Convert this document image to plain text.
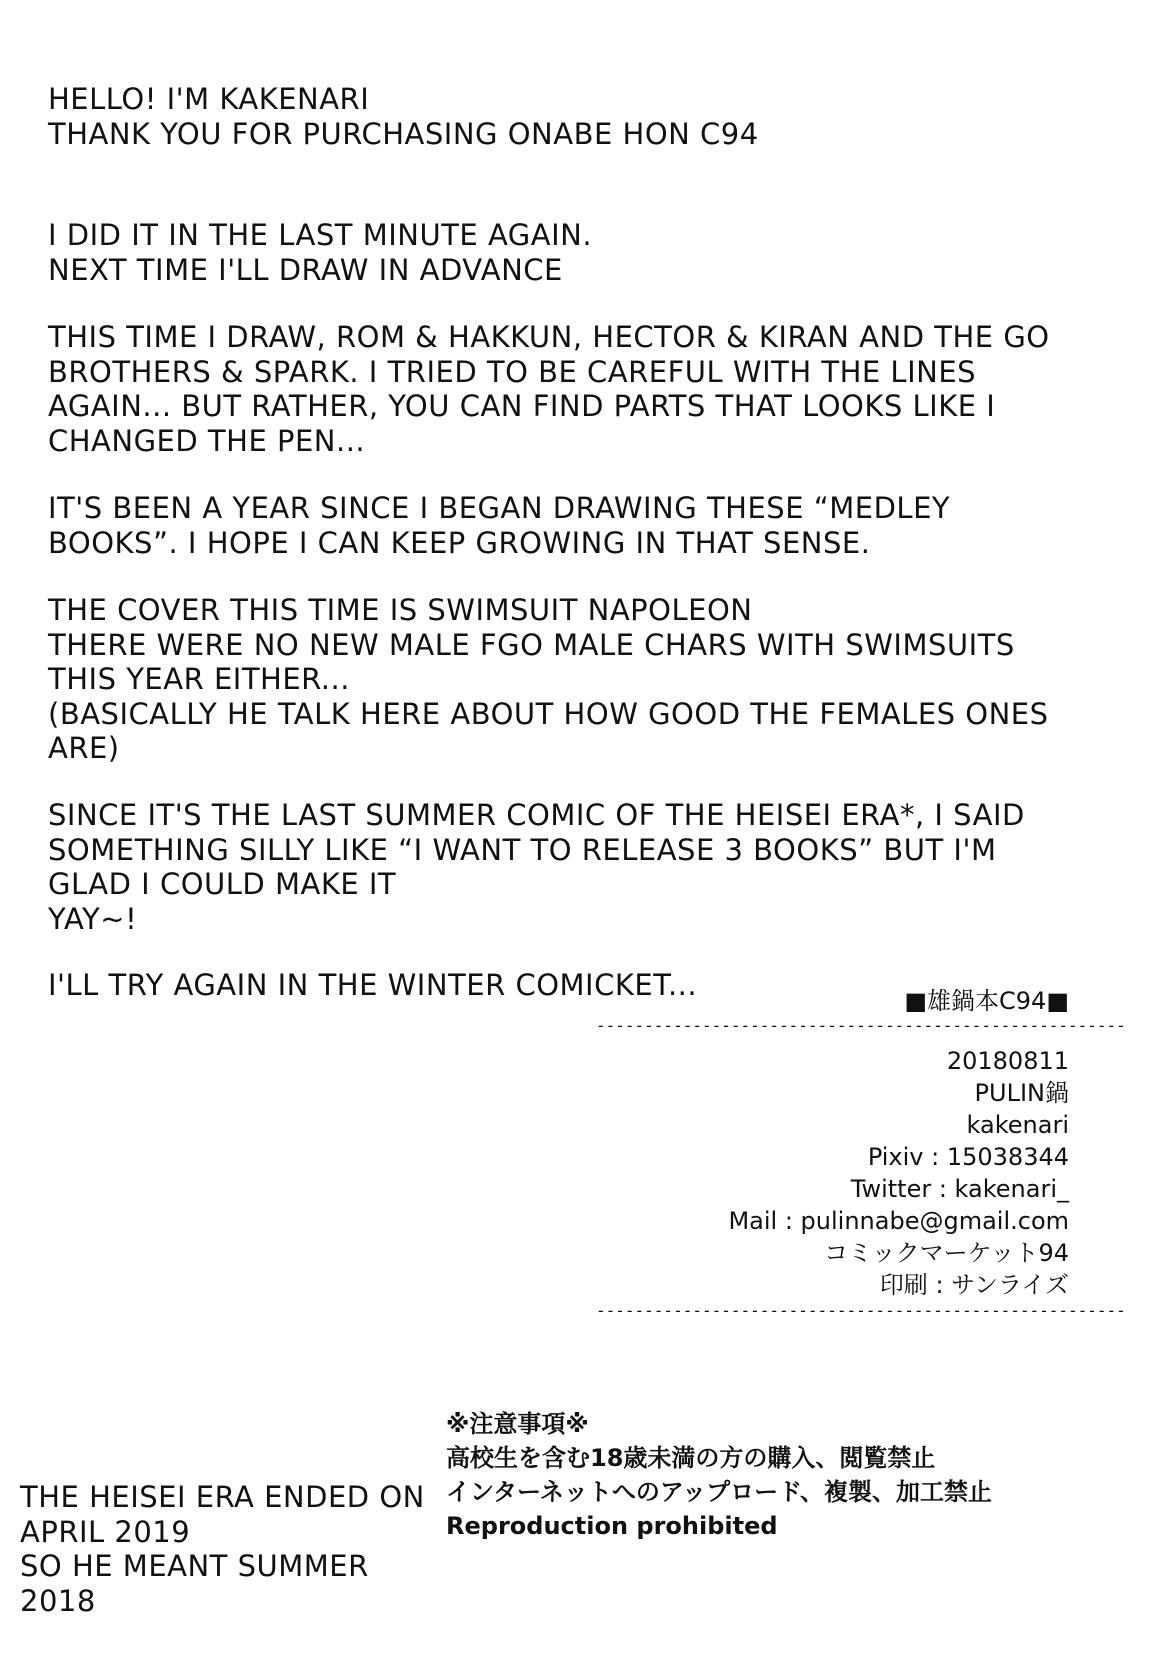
HELLO! I'M KAKENARI
THANK YOU FOR PURCHASING ONABE HON C94
I DID IT IN THE LAST MINUTE AGAIN.
NEXT TIME I'LL DRAW IN ADVANCE
THIS TIME I DRAW, ROM & HAKKUN, HECTOR & KIRAN AND THE GO
BROTHERS & SPARK. I TRIED TO BE CAREFUL WITH THE LINES
AGAIN... BUT RATHER, YOU CAN FIND PARTS THAT LOOKS LIKE I
CHANGED THE PEN...
IT'S BEEN A YEAR SINCE I BEGAN DRAWING THESE “MEDLEY
BOOKS”. I HOPE I CAN KEEP GROWING IN THAT SENSE.
THE COVER THIS TIME IS SWIMSUIT NAPOLEON
THERE WERE NO NEW MALE FGO MALE CHARS WITH SWIMSUITS
THIS YEAR EITHER...
(BASICALLY HE TALK HERE ABOUT HOW GOOD THE FEMALES ONES
ARE)
SINCE IT'S THE LAST SUMMER COMIC OF THE HEISEI ERA*, I SAID
SOMETHING SILLY LIKE “I WANT TO RELEASE 3 BOOKS” BUT I'M
GLAD I COULD MAKE IT
YAY~!
I'LL TRY AGAIN IN THE WINTER COMICKET...	■雄鍋本C94■
-------------------------------------------------------
20180811
PULIN鍋
kakenari
Pixiv : 15038344
Twitter : kakenari_
Mail : pulinnabe@gmail.com
コミックマーケット94
印刷 : サンライズ
-------------------------------------------------------
※注意事項※
高校生を含む18歳未満の方の購入、閲覧禁止
インターネットへのアップロード、複製、加工禁止
Reproduction prohibited
THE HEISEI ERA ENDED ON
APRIL 2019
SO HE MEANT SUMMER
2018
